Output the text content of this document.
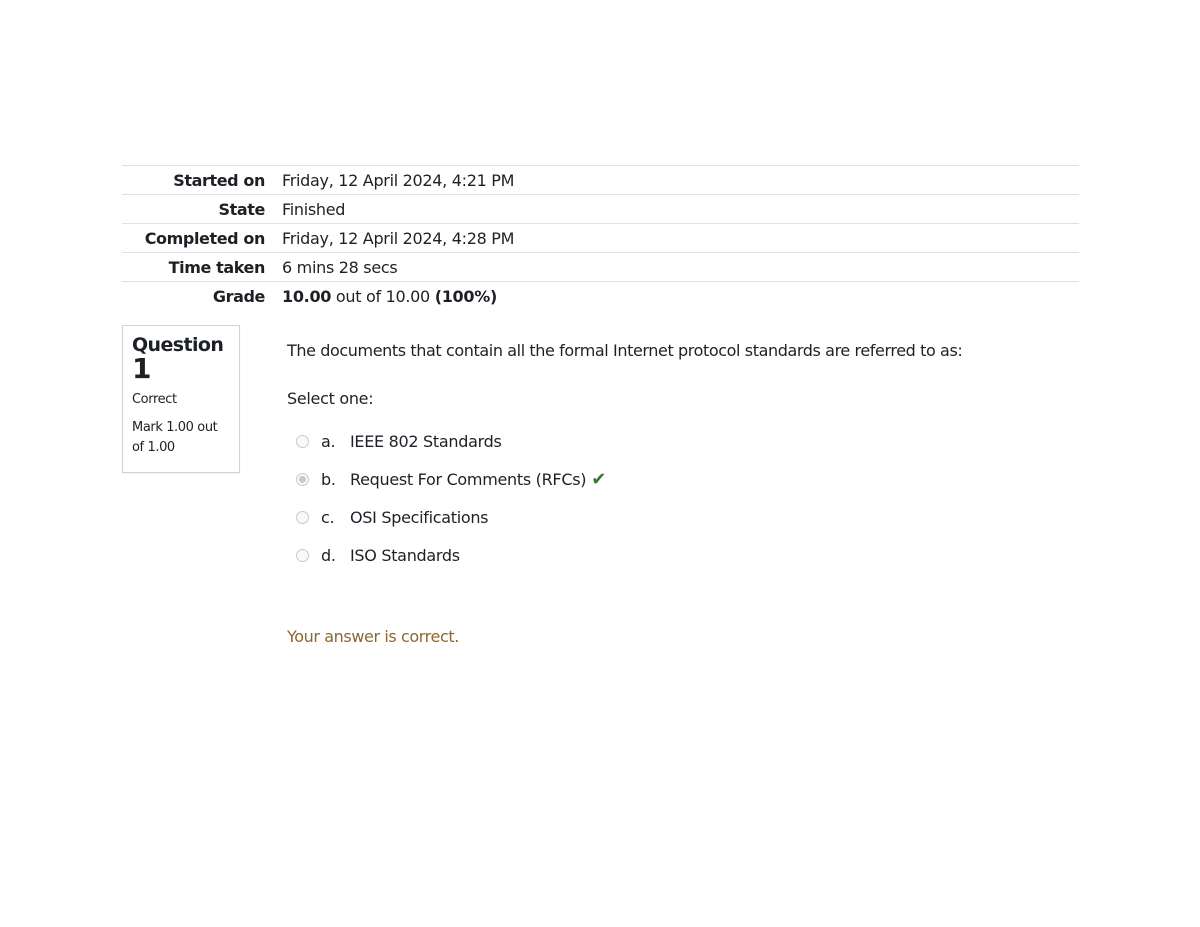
Started on	Friday, 12 April 2024, 4:21 PM
State	Finished
Completed on	Friday, 12 April 2024, 4:28 PM
Time taken	6 mins 28 secs
Grade	10.00 out of 10.00 (100%)
Question
1
Correct
Mark 1.00 out of 1.00
The documents that contain all the formal Internet protocol standards are referred to as:
Select one:
a. IEEE 802 Standards
b. Request For Comments (RFCs) ✔
c. OSI Specifications
d. ISO Standards
Your answer is correct.
